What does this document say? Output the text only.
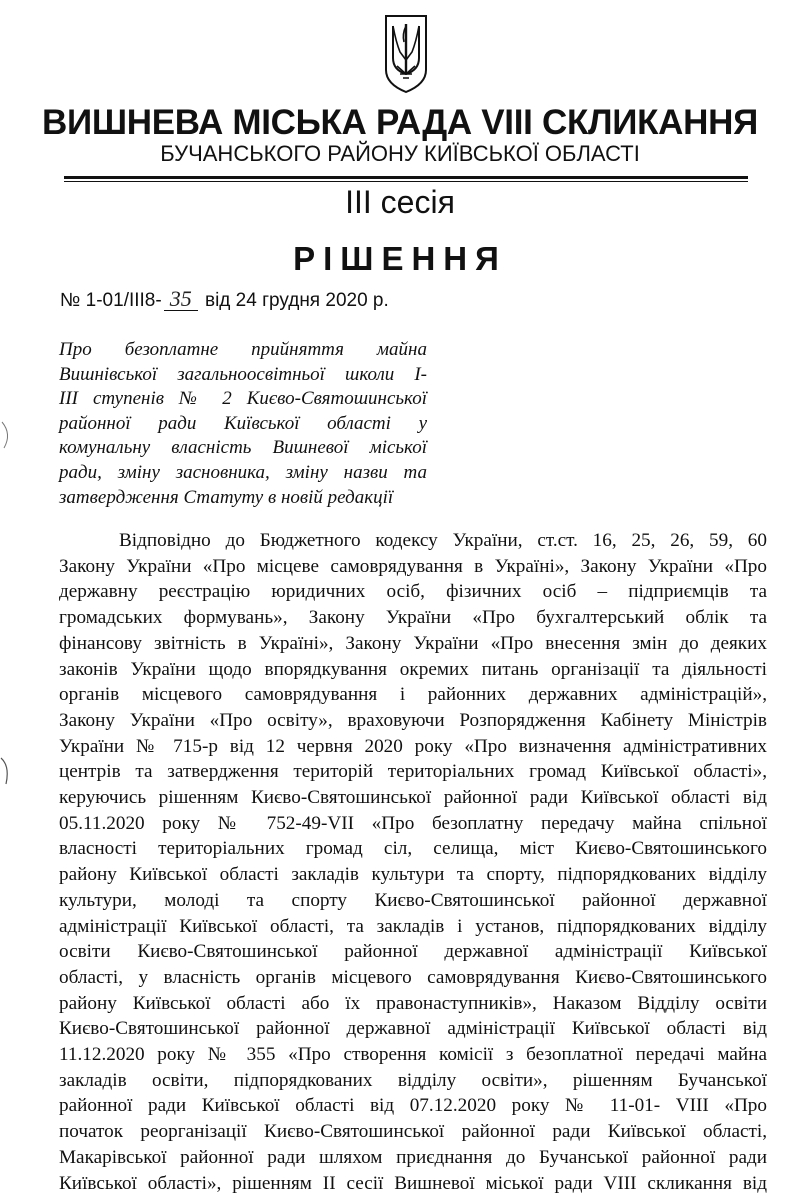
ВИШНЕВА МІСЬКА РАДА VIII СКЛИКАННЯ
БУЧАНСЬКОГО РАЙОНУ КИЇВСЬКОЇ ОБЛАСТІ
ІІІ сесія
РІШЕННЯ
№ 1-01/ІІІ8- 35 від 24 грудня 2020 р.
Про безоплатне прийняття майна
Вишнівської загальноосвітньої школи І-
ІІІ ступенів № 2 Києво-Святошинської
районної ради Київської області у
комунальну власність Вишневої міської
ради, зміну засновника, зміну назви та
затвердження Статуту в новій редакції
Відповідно до Бюджетного кодексу України, ст.ст. 16, 25, 26, 59, 60
Закону України «Про місцеве самоврядування в Україні», Закону України «Про
державну реєстрацію юридичних осіб, фізичних осіб – підприємців та
громадських формувань», Закону України «Про бухгалтерський облік та
фінансову звітність в Україні», Закону України «Про внесення змін до деяких
законів України щодо впорядкування окремих питань організації та діяльності
органів місцевого самоврядування і районних державних адміністрацій»,
Закону України «Про освіту», враховуючи Розпорядження Кабінету Міністрів
України № 715-р від 12 червня 2020 року «Про визначення адміністративних
центрів та затвердження територій територіальних громад Київської області»,
керуючись рішенням Києво-Святошинської районної ради Київської області від
05.11.2020 року № 752-49-VII «Про безоплатну передачу майна спільної
власності територіальних громад сіл, селища, міст Києво-Святошинського
району Київської області закладів культури та спорту, підпорядкованих відділу
культури, молоді та спорту Києво-Святошинської районної державної
адміністрації Київської області, та закладів і установ, підпорядкованих відділу
освіти Києво-Святошинської районної державної адміністрації Київської
області, у власність органів місцевого самоврядування Києво-Святошинського
району Київської області або їх правонаступників», Наказом Відділу освіти
Києво-Святошинської районної державної адміністрації Київської області від
11.12.2020 року № 355 «Про створення комісії з безоплатної передачі майна
закладів освіти, підпорядкованих відділу освіти», рішенням Бучанської
районної ради Київської області від 07.12.2020 року № 11-01- VIII «Про
початок реорганізації Києво-Святошинської районної ради Київської області,
Макарівської районної ради шляхом приєднання до Бучанської районної ради
Київської області», рішенням ІІ сесії Вишневої міської ради VIII скликання від
